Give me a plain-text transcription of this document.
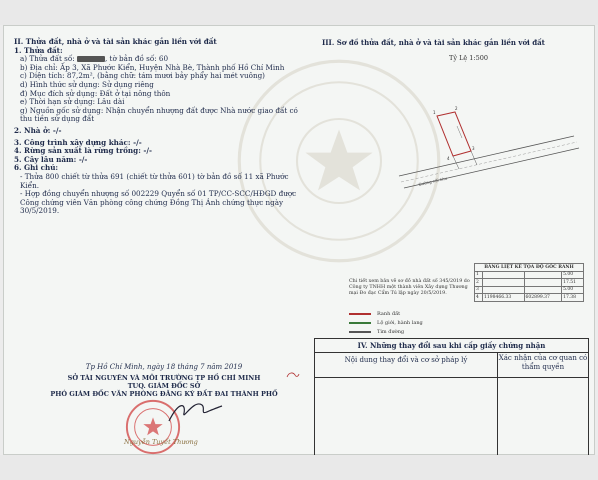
II. Thửa đất, nhà ở và tài sản khác gắn liền với đất
1. Thửa đất:
a) Thửa đất số:	, tờ bản đồ số: 60
b) Địa chỉ: Ấp 3, Xã Phước Kiển, Huyện Nhà Bè, Thành phố Hồ Chí Minh
c) Diện tích: 87,2m², (bằng chữ: tám mươi bảy phẩy hai mét vuông)
d) Hình thức sử dụng: Sử dụng riêng
đ) Mục đích sử dụng: Đất ở tại nông thôn
e) Thời hạn sử dụng: Lâu dài
g) Nguồn gốc sử dụng: Nhận chuyển nhượng đất được Nhà nước giao đất có thu tiền sử dụng đất
2. Nhà ở: -/-
3. Công trình xây dựng khác: -/-
4. Rừng sản xuất là rừng trồng: -/-
5. Cây lâu năm: -/-
6. Ghi chú:
- Thửa 800 chiết từ thửa 691 (chiết từ thửa 601) tờ bản đồ số 11 xã Phước Kiển.
- Hợp đồng chuyển nhượng số 002229 Quyển số 01 TP/CC-SCC/HĐGD được Công chứng viên Văn phòng công chứng Đồng Thị Ánh chứng thực ngày 30/5/2019.
III. Sơ đồ thửa đất, nhà ở và tài sản khác gắn liền với đất
Tỷ Lệ 1:500
1
2
3
4
Đường nội khu
BẢNG LIỆT KÊ TỌA ĐỘ GÓC RANH			
1			5.00
2			17.51
3			5.00
4	1198466.33	602899.37	17.38
Chi tiết xem bản vẽ sơ đồ nhà đất số 345/2019 do Công ty TNHH một thành viên Xây dựng Thương mại Đo đạc Cẩm Tú lập ngày 20/5/2019.
Ranh đất
Lộ giới, hành lang
Tim đường
IV. Những thay đổi sau khi cấp giấy chứng nhận
Nội dung thay đổi và cơ sở pháp lý	Xác nhận của cơ quan có thẩm quyền
Tp Hồ Chí Minh, ngày 18 tháng 7 năm 2019
SỞ TÀI NGUYÊN VÀ MÔI TRƯỜNG TP HỒ CHÍ MINH
TUQ. GIÁM ĐỐC SỞ
PHÓ GIÁM ĐỐC VĂN PHÒNG ĐĂNG KÝ ĐẤT ĐAI THÀNH PHỐ
Nguyễn Tuyết Thương
